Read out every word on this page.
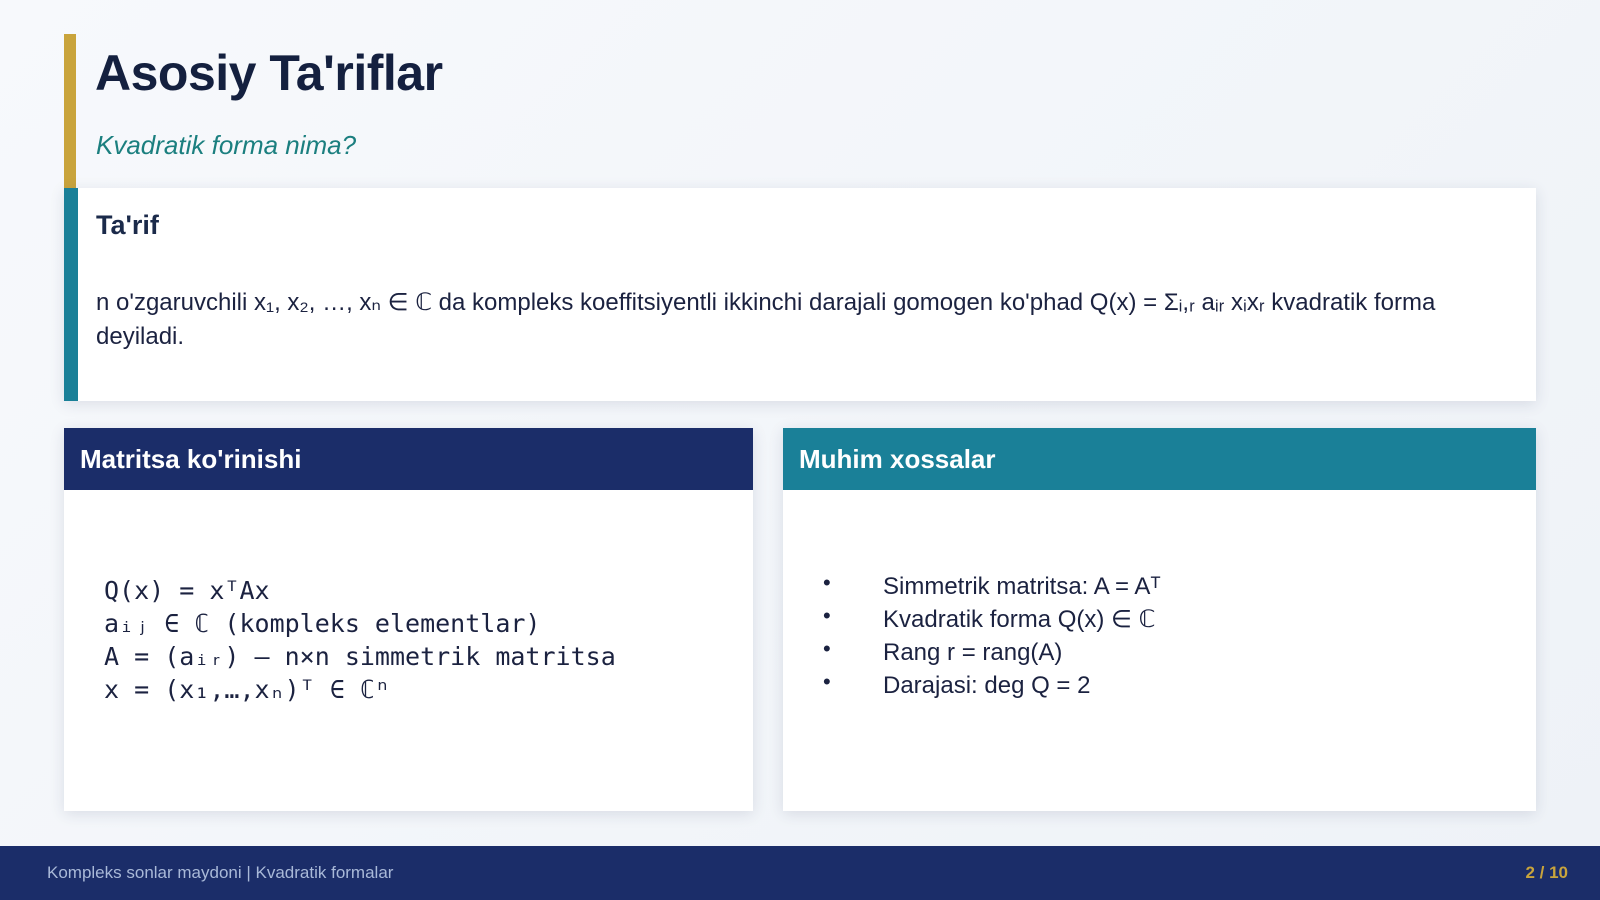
Asosiy Ta'riflar
Kvadratik forma nima?
Ta'rif
n o'zgaruvchili x₁, x₂, …, xₙ ∈ ℂ da kompleks koeffitsiyentli ikkinchi darajali gomogen ko'phad Q(x) = Σᵢ,ᵣ aᵢᵣ xᵢxᵣ kvadratik forma deyiladi.
Matritsa ko'rinishi
Q(x) = xᵀAx
aᵢⱼ ∈ ℂ (kompleks elementlar)
A = (aᵢᵣ) — n×n simmetrik matritsa
x = (x₁,…,xₙ)ᵀ ∈ ℂⁿ
Muhim xossalar
• Simmetrik matritsa: A = Aᵀ
• Kvadratik forma Q(x) ∈ ℂ
• Rang r = rang(A)
• Darajasi: deg Q = 2
Kompleks sonlar maydoni | Kvadratik formalar	2 / 10
